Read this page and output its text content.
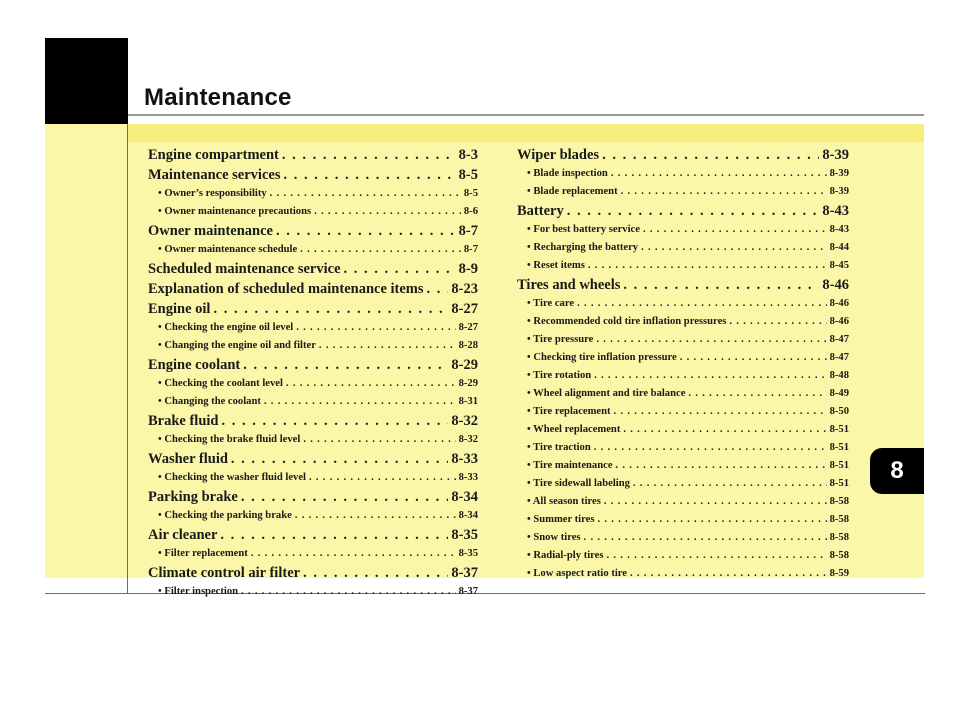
Maintenance
8
Engine compartment . . .	8-3
Maintenance services . . .	8-5
• Owner’s responsibility . . .	8-5
• Owner maintenance precautions . . .	8-6
Owner maintenance . . .	8-7
• Owner maintenance schedule . . .	8-7
Scheduled maintenance service . . .	8-9
Explanation of scheduled maintenance items . . . 8-23
Engine oil . . .	8-27
• Checking the engine oil level . . .	8-27
• Changing the engine oil and filter . . .	8-28
Engine coolant . . .	8-29
• Checking the coolant level . . .	8-29
• Changing the coolant . . .	8-31
Brake fluid . . .	8-32
• Checking the brake fluid level . . .	8-32
Washer fluid . . .	8-33
• Checking the washer fluid level . . .	8-33
Parking brake . . .	8-34
• Checking the parking brake . . .	8-34
Air cleaner . . .	8-35
• Filter replacement . . .	8-35
Climate control air filter . . .	8-37
• Filter inspection . . .	8-37
Wiper blades . . .	8-39
• Blade inspection . . .	8-39
• Blade replacement . . .	8-39
Battery . . .	8-43
• For best battery service . . .	8-43
• Recharging the battery . . .	8-44
• Reset items . . .	8-45
Tires and wheels . . .	8-46
• Tire care . . .	8-46
• Recommended cold tire inflation pressures . . .	8-46
• Tire pressure . . .	8-47
• Checking tire inflation pressure . . .	8-47
• Tire rotation . . .	8-48
• Wheel alignment and tire balance . . .	8-49
• Tire replacement . . .	8-50
• Wheel replacement . . .	8-51
• Tire traction . . .	8-51
• Tire maintenance . . .	8-51
• Tire sidewall labeling . . .	8-51
• All season tires . . .	8-58
• Summer tires . . .	8-58
• Snow tires . . .	8-58
• Radial-ply tires . . .	8-58
• Low aspect ratio tire . . .	8-59
